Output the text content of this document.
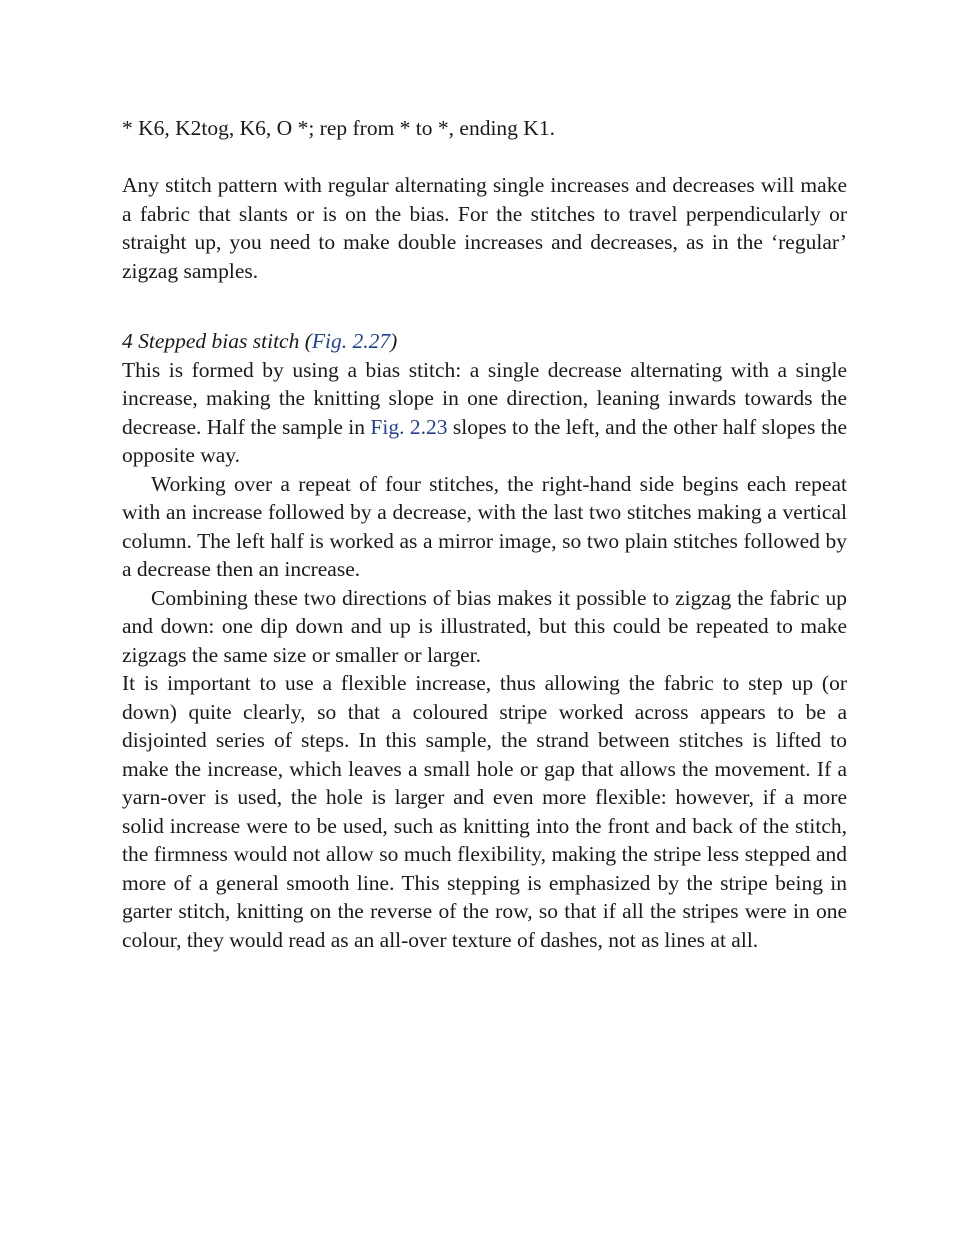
* K6, K2tog, K6, O *; rep from * to *, ending K1.

Any stitch pattern with regular alternating single increases and decreases will make a fabric that slants or is on the bias. For the stitches to travel perpendicularly or straight up, you need to make double increases and decreases, as in the ‘regular’ zigzag samples.

4 Stepped bias stitch (Fig. 2.27)

This is formed by using a bias stitch: a single decrease alternating with a single increase, making the knitting slope in one direction, leaning inwards towards the decrease. Half the sample in Fig. 2.23 slopes to the left, and the other half slopes the opposite way.

Working over a repeat of four stitches, the right-hand side begins each repeat with an increase followed by a decrease, with the last two stitches making a vertical column. The left half is worked as a mirror image, so two plain stitches followed by a decrease then an increase.

Combining these two directions of bias makes it possible to zigzag the fabric up and down: one dip down and up is illustrated, but this could be repeated to make zigzags the same size or smaller or larger.

It is important to use a flexible increase, thus allowing the fabric to step up (or down) quite clearly, so that a coloured stripe worked across appears to be a disjointed series of steps. In this sample, the strand between stitches is lifted to make the increase, which leaves a small hole or gap that allows the movement. If a yarn-over is used, the hole is larger and even more flexible: however, if a more solid increase were to be used, such as knitting into the front and back of the stitch, the firmness would not allow so much flexibility, making the stripe less stepped and more of a general smooth line. This stepping is emphasized by the stripe being in garter stitch, knitting on the reverse of the row, so that if all the stripes were in one colour, they would read as an all-over texture of dashes, not as lines at all.
